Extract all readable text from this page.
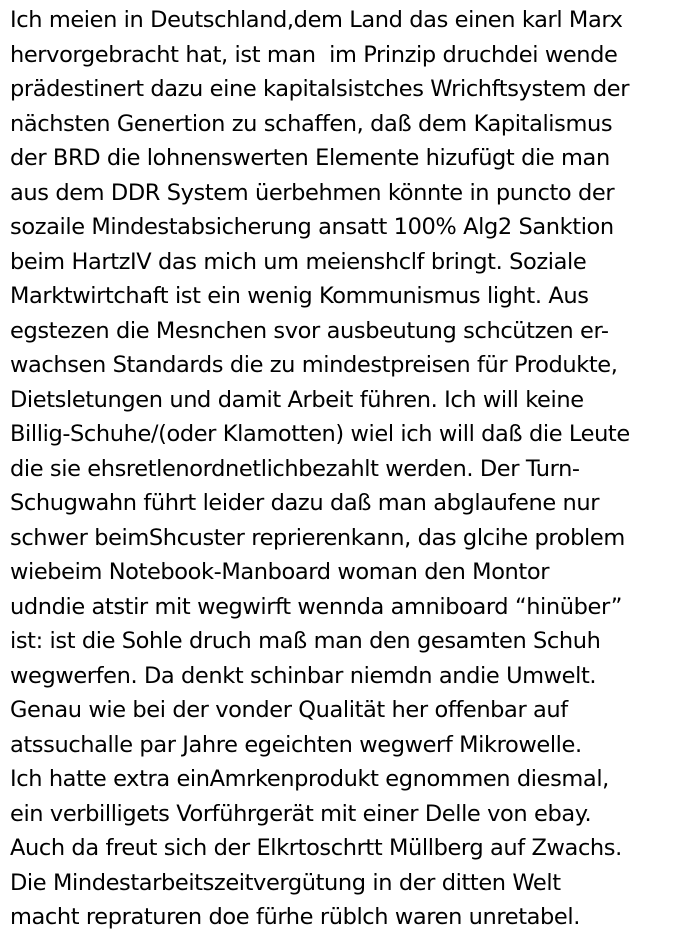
Ich meien in Deutschland,dem Land das einen karl Marx
hervorgebracht hat, ist man  im Prinzip druchdei wende
prädestinert dazu eine kapitalsistches Wrichftsystem der
nächsten Genertion zu schaffen, daß dem Kapitalismus
der BRD die lohnenswerten Elemente hizufügt die man
aus dem DDR System üerbehmen könnte in puncto der
sozaile Mindestabsicherung ansatt 100% Alg2 Sanktion
beim HartzIV das mich um meienshclf bringt. Soziale
Marktwirtchaft ist ein wenig Kommunismus light. Aus
egstezen die Mesnchen svor ausbeutung schcützen er-
wachsen Standards die zu mindestpreisen für Produkte,
Dietsletungen und damit Arbeit führen. Ich will keine
Billig-Schuhe/(oder Klamotten) wiel ich will daß die Leute
die sie ehsretlenordnetlichbezahlt werden. Der Turn-
Schugwahn führt leider dazu daß man abglaufene nur
schwer beimShcuster reprierenkann, das glcihe problem
wiebeim Notebook-Manboard woman den Montor
udndie atstir mit wegwirft wennda amniboard “hinüber”
ist: ist die Sohle druch maß man den gesamten Schuh
wegwerfen. Da denkt schinbar niemdn andie Umwelt.
Genau wie bei der vonder Qualität her offenbar auf
atssuchalle par Jahre egeichten wegwerf Mikrowelle.
Ich hatte extra einAmrkenprodukt egnommen diesmal,
ein verbilligets Vorführgerät mit einer Delle von ebay.
Auch da freut sich der Elkrtoschrtt Müllberg auf Zwachs.
Die Mindestarbeitszeitvergütung in der ditten Welt
macht repraturen doe fürhe rüblch waren unretabel.
